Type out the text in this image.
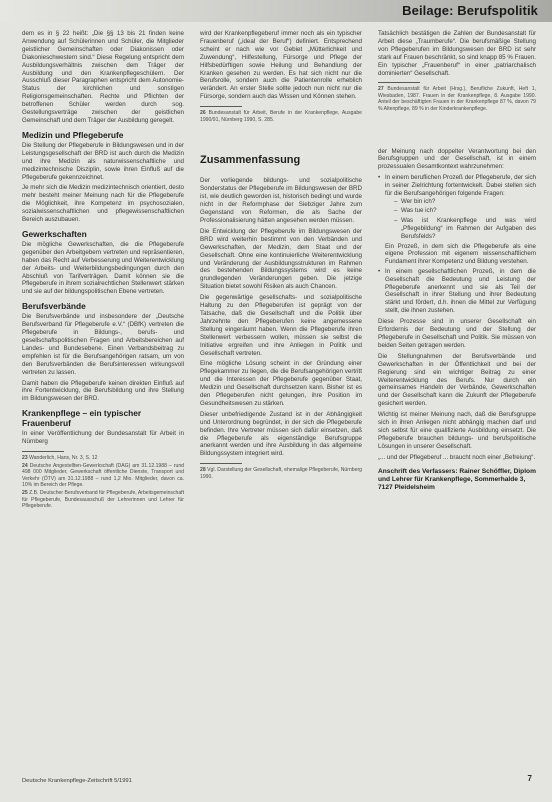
Beilage: Berufspolitik

dem es in § 22 heißt: „Die §§ 13 bis 21 finden keine Anwendung auf Schülerinnen und Schüler, die Mitglieder geistlicher Gemeinschaften oder Diakonissen oder Diakonieschwestern sind.“ Diese Regelung entspricht dem Ausbildungsverhältnis zwischen dem Träger der Ausbildung und den Krankenpflegeschülern. Der Ausschluß dieser Paragraphen entspricht dem Autonomie-Status der kirchlichen und sonstigen Religionsgemeinschaften. Rechte und Pflichten der betroffenen Schüler werden durch sog. Gestellungsverträge zwischen der geistlichen Gemeinschaft und dem Träger der Ausbildung geregelt.

Medizin und Pflegeberufe

Die Stellung der Pflegeberufe in Bildungswesen und in der Leistungsgesellschaft der BRD ist auch durch die Medizin und ihre Medizin als naturwissenschaftliche und medizintechnische Disziplin, sowie ihren Einfluß auf die Pflegeberufe gekennzeichnet.

Je mehr sich die Medizin medizintechnisch orientiert, desto mehr besteht meiner Meinung nach für die Pflegeberufe die Möglichkeit, ihre Kompetenz im psychosozialen, sozialwissenschaftlichen und pflegewissenschaftlichen Bereich auszubauen.

Gewerkschaften

Die mögliche Gewerkschaften, die die Pflegeberufe gegenüber den Arbeitgebern vertreten und repräsentieren, haben das Recht auf Verbesserung und Weiterentwicklung der Arbeits- und Weiterbildungsbedingungen durch den Abschluß von Tarifverträgen. Damit können sie die Pflegeberufe in ihrem sozialrechtlichen Stellenwert stärken und sie auf der bildungspolitischen Ebene vertreten.

Berufsverbände

Die Berufsverbände und insbesondere der „Deutsche Berufsverband für Pflegeberufe e.V.“ (DBfK) vertreten die Pflegeberufe in Bildungs-, berufs- und gesellschaftspolitischen Fragen und Arbeitsbereichen auf Landes- und Bundesebene. Einen Verbandsbeitrag zu empfehlen ist für die Berufsangehörigen ratsam, um von den Berufsverbänden die Berufsinteressen wirkungsvoll vertreten zu lassen.

Damit haben die Pflegeberufe keinen direkten Einfluß auf ihre Fortentwicklung, die Berufsbildung und ihre Stellung im Bildungswesen der BRD.

Krankenpflege – ein typischer Frauenberuf

In einer Veröffentlichung der Bundesanstalt für Arbeit in Nürnberg

23 Wanderlich, Hans, Nr. 3, S. 12
24 Deutsche Angestellten-Gewerkschaft (DAG) am 31.12.1988 – rund 498 000 Mitglieder, Gewerkschaft öffentliche Dienste, Transport und Verkehr (ÖTV) am 31.12.1988 – rund 1,2 Mio. Mitglieder, davon ca. 10% im Bereich der Pflege.
25 Z.B. Deutscher Berufsverband für Pflegeberufe, Arbeitsgemeinschaft für Pflegeberufe, Bundesausschuß der Lehrerinnen und Lehrer für Pflegeberufe.

wird der Krankenpflegeberuf immer noch als ein typischer Frauenberuf („ideal der Beruf“) definiert. Entsprechend scheint er nach wie vor Gebiet „Mütterlichkeit und Zuwendung“, Hilfestellung, Fürsorge und Pflege der Hilfsbedürftigen sowie Heilung und Behandlung der Kranken gesehen zu werden. Es hat sich nicht nur die Berufsrolle, sondern auch die Patientenrolle erheblich verändert. An erster Stelle sollte jedoch nun nicht nur die Fürsorge, sondern auch das Wissen und Können stehen.

26 Bundesanstalt für Arbeit, Berufe in der Krankenpflege, Ausgabe 1990/91, Nürnberg 1990, S. 285.
Zusammenfassung

Der vorliegende bildungs- und sozialpolitische Sonderstatus der Pflegeberufe im Bildungswesen der BRD ist, wie deutlich geworden ist, historisch bedingt und wurde nicht in der Reformphase der Siebziger Jahre zum Gegenstand von Reformen, die als Sache der Professionalisierung hätten angesehen werden müssen.

Die Entwicklung der Pflegeberufe im Bildungswesen der BRD wird weiterhin bestimmt von den Verbänden und Gewerkschaften, der Medizin, dem Staat und der Gesellschaft. Ohne eine kontinuierliche Weiterentwicklung und Veränderung der Ausbildungsstrukturen im Rahmen des bestehenden Bildungssystems wird es keine grundlegenden Veränderungen geben. Die jetzige Situation bietet sowohl Risiken als auch Chancen.

Die gegenwärtige gesellschafts- und sozialpolitische Haltung zu den Pflegeberufen ist geprägt von der Tatsache, daß die Gesellschaft und die Politik über Jahrzehnte den Pflegeberufen keine angemessene Stellung eingeräumt haben. Wenn die Pflegeberufe ihren Stellenwert verbessern wollen, müssen sie selbst die Initiative ergreifen und ihre Anliegen in Politik und Gesellschaft vertreten.

Eine mögliche Lösung scheint in der Gründung einer Pflegekammer zu liegen, die die Berufsangehörigen vertritt und die Interessen der Pflegeberufe gegenüber Staat, Medizin und Gesellschaft durchsetzen kann. Bisher ist es den Pflegeberufen nicht gelungen, ihre Position im Gesundheitswesen zu stärken.

Dieser unbefriedigende Zustand ist in der Abhängigkeit und Unterordnung begründet, in der sich die Pflegeberufe befinden. Ihre Vertreter müssen sich dafür einsetzen, daß die Pflegeberufe als eigenständige Berufsgruppe anerkannt werden und ihre Ausbildung in das allgemeine Bildungssystem integriert wird.

28 Vgl. Darstellung der Gesellschaft, ehemalige Pflegeberufe, Nürnberg 1990.

Tatsächlich bestätigen die Zahlen der Bundesanstalt für Arbeit diese „Traumberufe“. Die berufsmäßige Stellung von Pflegeberufen im Bildungswesen der BRD ist sehr stark auf Frauen beschränkt, so sind knapp 85 % Frauen. Ein typischer „Frauenberuf“ in einer „patriarchalisch dominierten“ Gesellschaft.

27 Bundesanstalt für Arbeit (Hrsg.), Berufliche Zukunft, Heft 1, Wiesbaden, 1987. Frauen in der Krankenpflege, 8. Ausgabe 1990. Anteil der beschäftigten Frauen in der Krankenpflege 87 %, davon 79 % Altenpflege, 89 % in der Kinderkrankenpflege.

der Meinung nach doppelter Verantwortung bei den Berufsgruppen und der Gesellschaft, ist in einem prozessualen Gesamtkontext wahrzunehmen:

• In einem beruflichen Prozeß der Pflegeberufe, der sich in seiner Zielrichtung fortentwickelt. Dabei stellen sich für die Berufsangehörigen folgende Fragen:
– Wer bin ich?
– Was tue ich?
– Was ist Krankenpflege und was wird „Pflegebildung“ im Rahmen der Aufgaben des Berufsfelds?
Ein Prozeß, in dem sich die Pflegeberufe als eine eigene Profession mit eigenem wissenschaftlichem Fundament ihrer Kompetenz und Bildung verstehen.
• In einem gesellschaftlichen Prozeß, in dem die Gesellschaft die Bedeutung und Leistung der Pflegeberufe anerkennt und sie als Teil der Gesellschaft in ihrer Stellung und ihrer Bedeutung stärkt und fördert, d.h. ihnen die Mittel zur Verfügung stellt, die ihnen zustehen.

Diese Prozesse sind in unserer Gesellschaft ein Erfordernis der Bedeutung und der Stellung der Pflegeberufe in Gesellschaft und Politik. Sie müssen von beiden Seiten getragen werden.

Die Stellungnahmen der Berufsverbände und Gewerkschaften in der Öffentlichkeit und bei der Regierung sind ein wichtiger Beitrag zu einer Weiterentwicklung des Berufs. Nur durch ein gemeinsames Handeln der Verbände, Gewerkschaften und der Gesellschaft kann die Zukunft der Pflegeberufe gesichert werden.

Wichtig ist meiner Meinung nach, daß die Berufsgruppe sich in ihren Anliegen nicht abhängig machen darf und sich selbst für eine qualifizierte Ausbildung einsetzt. Die Pflegeberufe brauchen bildungs- und berufspolitische Lösungen in unserer Gesellschaft.

„... und der Pflegeberuf ... braucht noch einer „Befreiung“.

Anschrift des Verfassers: Rainer Schöffler, Diplom und Lehrer für Krankenpflege, Sommerhalde 3, 7127 Pleidelsheim
Deutsche Krankenpflege-Zeitschrift 5/1991	7
